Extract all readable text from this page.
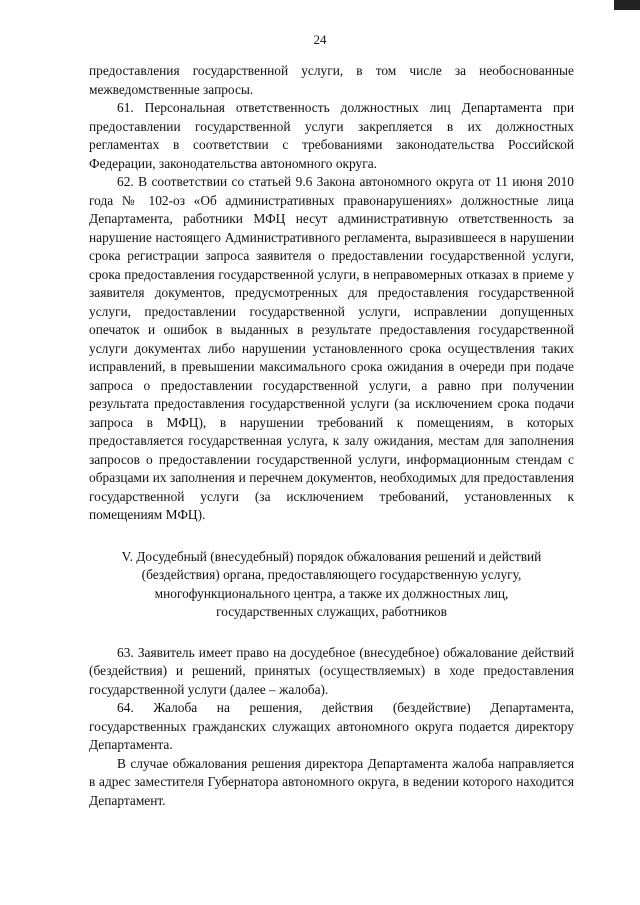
24

предоставления государственной услуги, в том числе за необоснованные межведомственные запросы.

61. Персональная ответственность должностных лиц Департамента при предоставлении государственной услуги закрепляется в их должностных регламентах в соответствии с требованиями законодательства Российской Федерации, законодательства автономного округа.

62. В соответствии со статьей 9.6 Закона автономного округа от 11 июня 2010 года № 102-оз «Об административных правонарушениях» должностные лица Департамента, работники МФЦ несут административную ответственность за нарушение настоящего Административного регламента, выразившееся в нарушении срока регистрации запроса заявителя о предоставлении государственной услуги, срока предоставления государственной услуги, в неправомерных отказах в приеме у заявителя документов, предусмотренных для предоставления государственной услуги, предоставлении государственной услуги, исправлении допущенных опечаток и ошибок в выданных в результате предоставления государственной услуги документах либо нарушении установленного срока осуществления таких исправлений, в превышении максимального срока ожидания в очереди при подаче запроса о предоставлении государственной услуги, а равно при получении результата предоставления государственной услуги (за исключением срока подачи запроса в МФЦ), в нарушении требований к помещениям, в которых предоставляется государственная услуга, к залу ожидания, местам для заполнения запросов о предоставлении государственной услуги, информационным стендам с образцами их заполнения и перечнем документов, необходимых для предоставления государственной услуги (за исключением требований, установленных к помещениям МФЦ).

V. Досудебный (внесудебный) порядок обжалования решений и действий (бездействия) органа, предоставляющего государственную услугу, многофункционального центра, а также их должностных лиц, государственных служащих, работников

63. Заявитель имеет право на досудебное (внесудебное) обжалование действий (бездействия) и решений, принятых (осуществляемых) в ходе предоставления государственной услуги (далее – жалоба).

64. Жалоба на решения, действия (бездействие) Департамента, государственных гражданских служащих автономного округа подается директору Департамента.

В случае обжалования решения директора Департамента жалоба направляется в адрес заместителя Губернатора автономного округа, в ведении которого находится Департамент.
